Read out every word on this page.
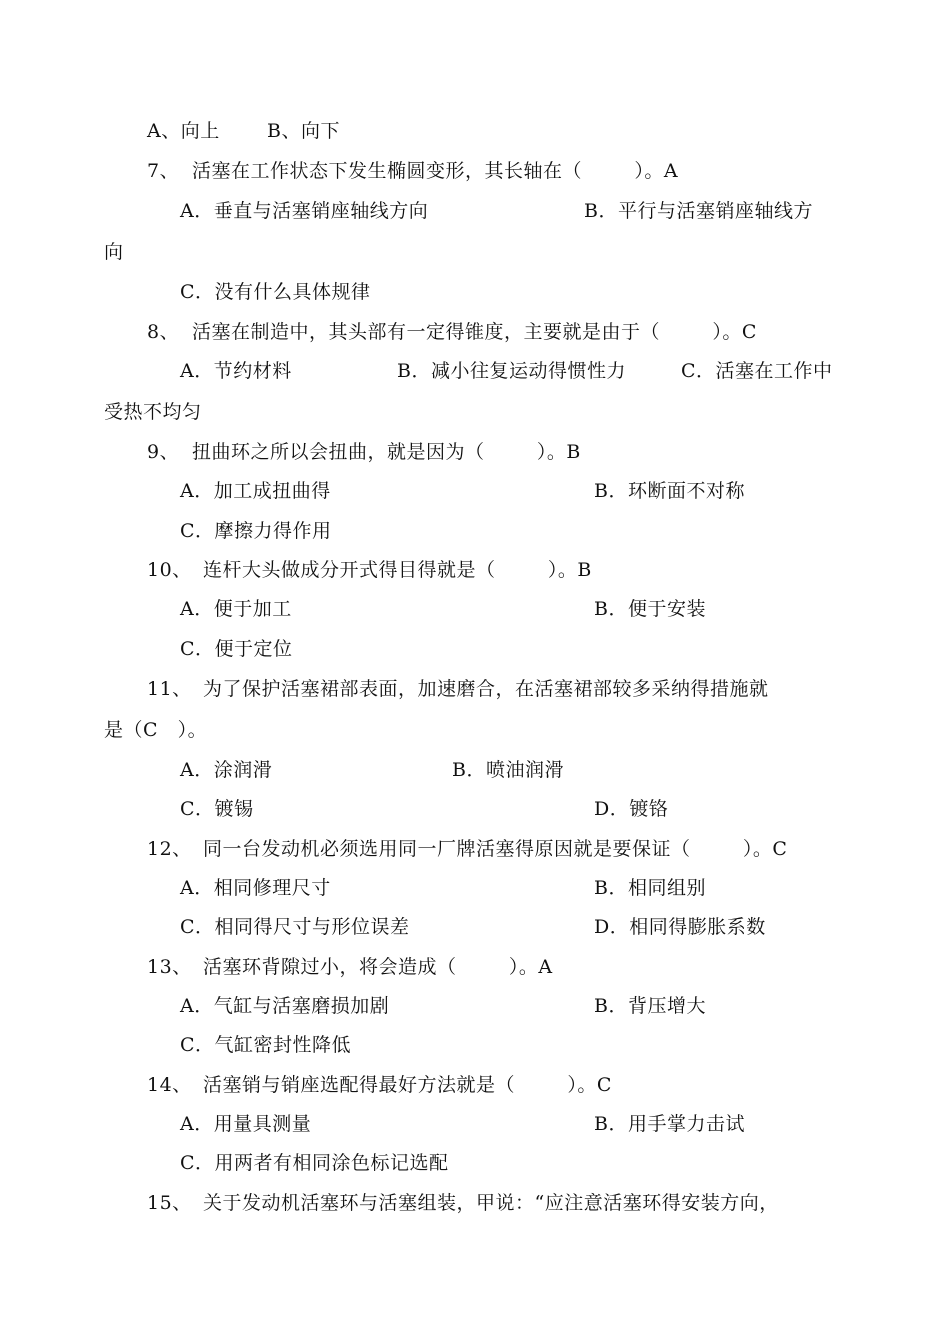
A、向上

B、向下

7、

活塞在工作状态下发生椭圆变形，其长轴在（        ）。A

A．垂直与活塞销座轴线方向

	B．平行与活塞销座轴线方

向

C．没有什么具体规律

8、

活塞在制造中，其头部有一定得锥度，主要就是由于（        ）。C

A．节约材料

	B．减小往复运动得惯性力

	C．活塞在工作中

受热不均匀

9、

扭曲环之所以会扭曲，就是因为（        ）。B

A．加工成扭曲得

	B．环断面不对称

C．摩擦力得作用

10、

连杆大头做成分开式得目得就是（        ）。B

A．便于加工

	B．便于安装

C．便于定位

11、

为了保护活塞裙部表面，加速磨合，在活塞裙部较多采纳得措施就

是（C   ）。

A．涂润滑

	B．喷油润滑

C．镀锡

	D．镀铬

12、

同一台发动机必须选用同一厂牌活塞得原因就是要保证（        ）。C

A．相同修理尺寸

	B．相同组别

C．相同得尺寸与形位误差

	D．相同得膨胀系数

13、

活塞环背隙过小，将会造成（        ）。A

A．气缸与活塞磨损加剧

	B．背压增大

C．气缸密封性降低

14、

活塞销与销座选配得最好方法就是（        ）。C

A．用量具测量

	B．用手掌力击试

C．用两者有相同涂色标记选配

15、

关于发动机活塞环与活塞组装，甲说：“应注意活塞环得安装方向，
